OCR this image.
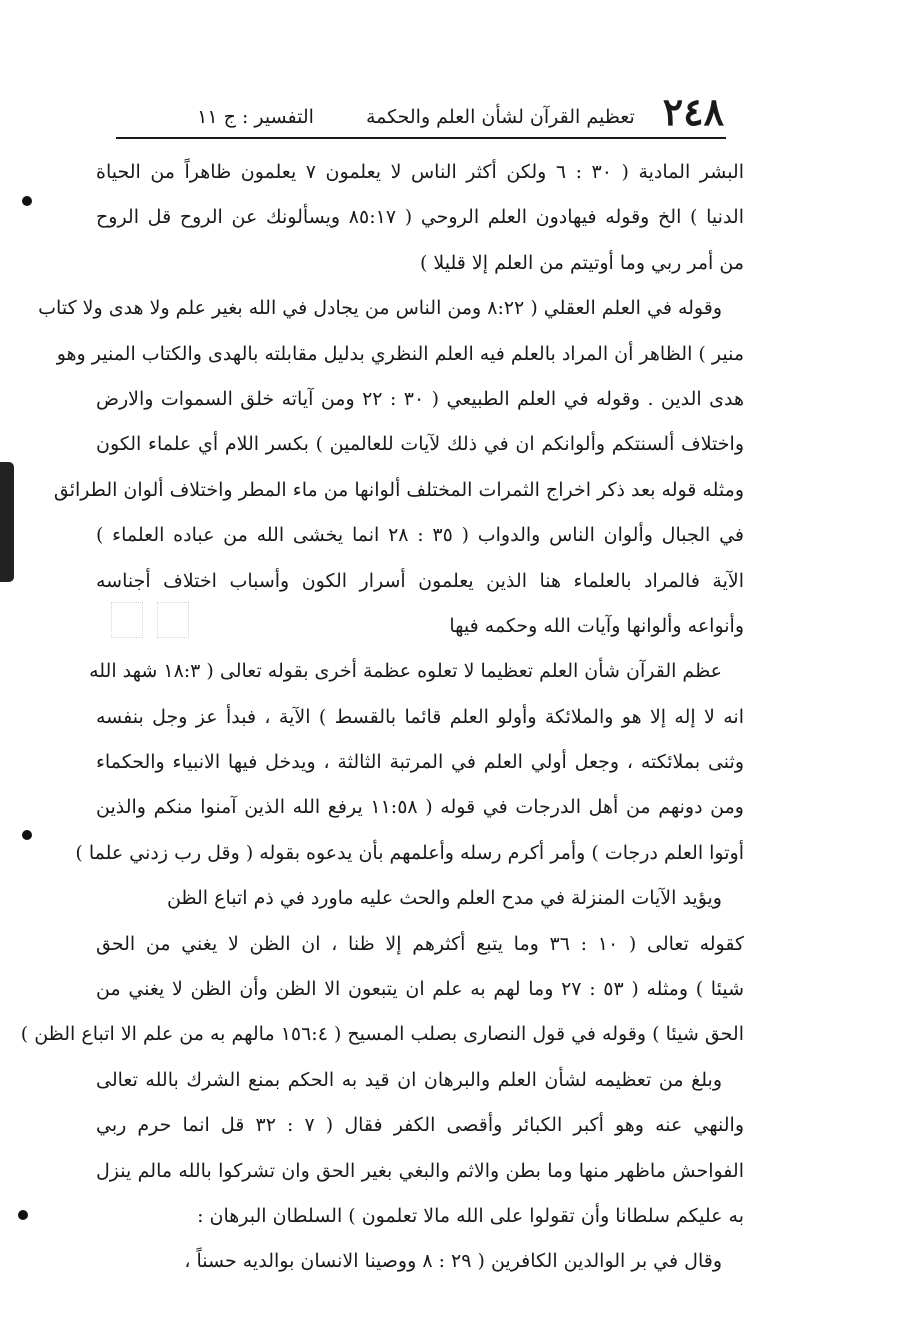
٢٤٨
تعظيم القرآن لشأن العلم والحكمة
التفسير : ج ١١
البشر المادية ( ٣٠ : ٦ ولكن أكثر الناس لا يعلمون ٧ يعلمون ظاهراً من الحياة
الدنيا ) الخ وقوله فيهادون العلم الروحي ( ٨٥:١٧ ويسألونك عن الروح قل الروح
من أمر ربي وما أوتيتم من العلم إلا قليلا )
وقوله في العلم العقلي ( ٨:٢٢ ومن الناس من يجادل في الله بغير علم ولا هدى ولا كتاب
منير ) الظاهر أن المراد بالعلم فيه العلم النظري بدليل مقابلته بالهدى والكتاب المنير وهو
هدى الدين . وقوله في العلم الطبيعي ( ٣٠ : ٢٢ ومن آياته خلق السموات والارض
واختلاف ألسنتكم وألوانكم ان في ذلك لآيات للعالمين ) بكسر اللام أي علماء الكون
ومثله قوله بعد ذكر اخراج الثمرات المختلف ألوانها من ماء المطر واختلاف ألوان الطرائق
في الجبال وألوان الناس والدواب ( ٣٥ : ٢٨ انما يخشى الله من عباده العلماء )
الآية فالمراد بالعلماء هنا الذين يعلمون أسرار الكون وأسباب اختلاف أجناسه
وأنواعه وألوانها وآيات الله وحكمه فيها
عظم القرآن شأن العلم تعظيما لا تعلوه عظمة أخرى بقوله تعالى ( ١٨:٣ شهد الله
انه لا إله إلا هو والملائكة وأولو العلم قائما بالقسط ) الآية ، فبدأ عز وجل بنفسه
وثنى بملائكته ، وجعل أولي العلم في المرتبة الثالثة ، ويدخل فيها الانبياء والحكماء
ومن دونهم من أهل الدرجات في قوله ( ١١:٥٨ يرفع الله الذين آمنوا منكم والذين
أوتوا العلم درجات ) وأمر أكرم رسله وأعلمهم بأن يدعوه بقوله ( وقل رب زدني علما )
ويؤيد الآيات المنزلة في مدح العلم والحث عليه ماورد في ذم اتباع الظن
كقوله تعالى ( ١٠ : ٣٦ وما يتبع أكثرهم إلا ظنا ، ان الظن لا يغني من الحق
شيئا ) ومثله ( ٥٣ : ٢٧ وما لهم به علم ان يتبعون الا الظن وأن الظن لا يغني من
الحق شيئا ) وقوله في قول النصارى بصلب المسيح ( ١٥٦:٤ مالهم به من علم الا اتباع الظن )
وبلغ من تعظيمه لشأن العلم والبرهان ان قيد به الحكم بمنع الشرك بالله تعالى
والنهي عنه وهو أكبر الكبائر وأقصى الكفر فقال ( ٧ : ٣٢ قل انما حرم ربي
الفواحش ماظهر منها وما بطن والاثم والبغي بغير الحق وان تشركوا بالله مالم ينزل
به عليكم سلطانا وأن تقولوا على الله مالا تعلمون ) السلطان البرهان :
وقال في بر الوالدين الكافرين ( ٢٩ : ٨ ووصينا الانسان بوالديه حسناً ،
